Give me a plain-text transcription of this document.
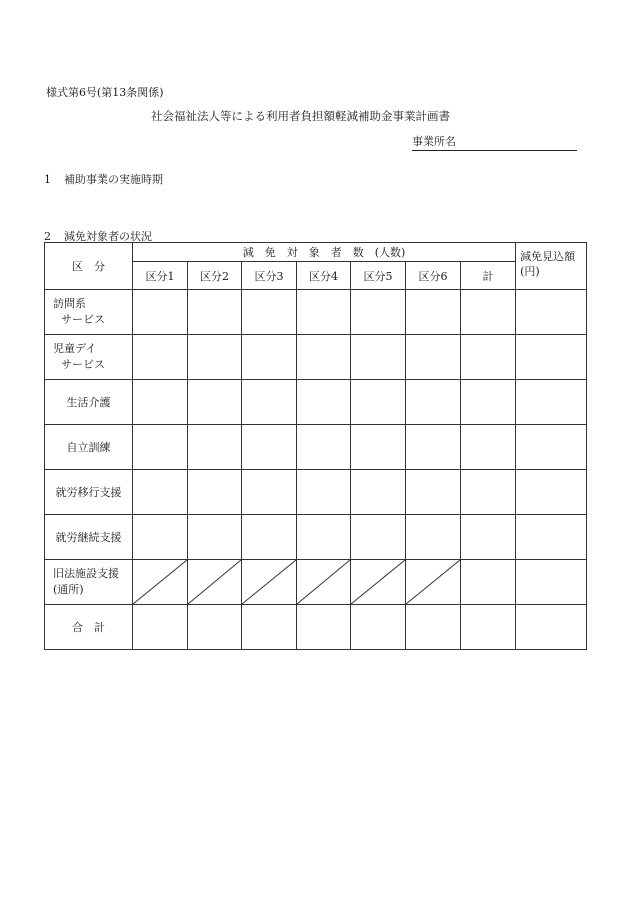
様式第6号(第13条関係)
社会福祉法人等による利用者負担額軽減補助金事業計画書
事業所名
1 補助事業の実施時期
2 減免対象者の状況
区　分	減　免　対　象　者　数　(人数)							減免見込額
(円)

	区分1	区分2	区分3	区分4	区分5	区分6	計	

訪問系
サービス								

児童デイ
サービス								

生活介護								

自立訓練								

就労移行支援								

就労継続支援								

旧法施設支援
(通所)

合　計								
